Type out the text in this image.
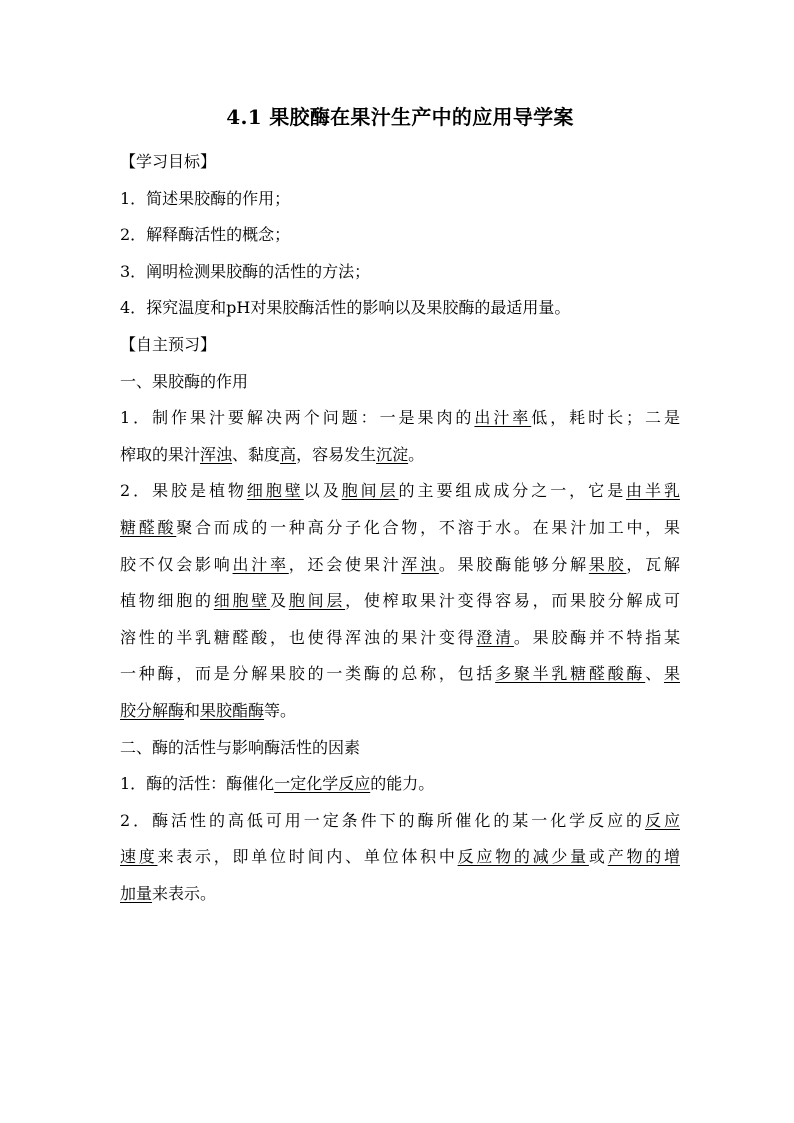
4.1 果胶酶在果汁生产中的应用导学案

【学习目标】

1．简述果胶酶的作用；

2．解释酶活性的概念；

3．阐明检测果胶酶的活性的方法；

4．探究温度和pH对果胶酶活性的影响以及果胶酶的最适用量。

【自主预习】

一、果胶酶的作用

1．制作果汁要解决两个问题：一是果肉的出汁率低，耗时长；二是
榨取的果汁浑浊、黏度高，容易发生沉淀。
2．果胶是植物细胞壁以及胞间层的主要组成成分之一，它是由半乳
糖醛酸聚合而成的一种高分子化合物，不溶于水。在果汁加工中，果
胶不仅会影响出汁率，还会使果汁浑浊。果胶酶能够分解果胶，瓦解
植物细胞的细胞壁及胞间层，使榨取果汁变得容易，而果胶分解成可
溶性的半乳糖醛酸，也使得浑浊的果汁变得澄清。果胶酶并不特指某
一种酶，而是分解果胶的一类酶的总称，包括多聚半乳糖醛酸酶、果
胶分解酶和果胶酯酶等。

二、酶的活性与影响酶活性的因素

1．酶的活性：酶催化一定化学反应的能力。

2．酶活性的高低可用一定条件下的酶所催化的某一化学反应的反应
速度来表示，即单位时间内、单位体积中反应物的减少量或产物的增
加量来表示。
